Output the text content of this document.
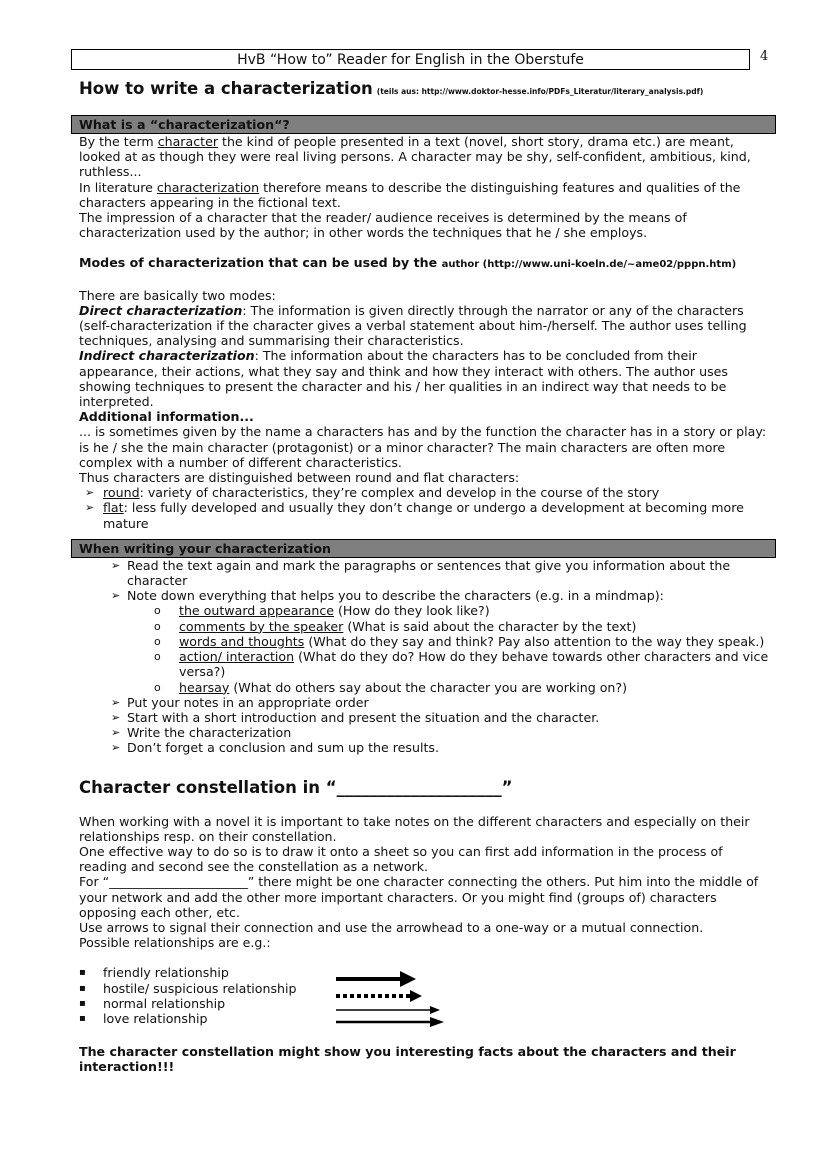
HvB “How to” Reader for English in the Oberstufe	4
How to write a characterization (teils aus: http://www.doktor-hesse.info/PDFs_Literatur/literary_analysis.pdf)
What is a “characterization“?

By the term character the kind of people presented in a text (novel, short story, drama etc.) are meant, looked at as though they were real living persons. A character may be shy, self-confident, ambitious, kind, ruthless...

In literature characterization therefore means to describe the distinguishing features and qualities of the characters appearing in the fictional text.

The impression of a character that the reader/ audience receives is determined by the means of characterization used by the author; in other words the techniques that he / she employs.

Modes of characterization that can be used by the author (http://www.uni-koeln.de/~ame02/pppn.htm)

There are basically two modes:

Direct characterization: The information is given directly through the narrator or any of the characters (self-characterization if the character gives a verbal statement about him-/herself. The author uses telling techniques, analysing and summarising their characteristics.

Indirect characterization: The information about the characters has to be concluded from their appearance, their actions, what they say and think and how they interact with others. The author uses showing techniques to present the character and his / her qualities in an indirect way that needs to be interpreted.

Additional information...

... is sometimes given by the name a characters has and by the function the character has in a story or play: is he / she the main character (protagonist) or a minor character? The main characters are often more complex with a number of different characteristics.

Thus characters are distinguished between round and flat characters:

➢ round: variety of characteristics, they’re complex and develop in the course of the story
➢ flat: less fully developed and usually they don’t change or undergo a development at becoming more mature
When writing your characterization
➢ Read the text again and mark the paragraphs or sentences that give you information about the character
➢ Note down everything that helps you to describe the characters (e.g. in a mindmap):
o the outward appearance (How do they look like?)
o comments by the speaker (What is said about the character by the text)
o words and thoughts (What do they say and think? Pay also attention to the way they speak.)
o action/ interaction (What do they do? How do they behave towards other characters and vice versa?)
o hearsay (What do others say about the character you are working on?)
➢ Put your notes in an appropriate order
➢ Start with a short introduction and present the situation and the character.
➢ Write the characterization
➢ Don’t forget a conclusion and sum up the results.
Character constellation in “____________________”

When working with a novel it is important to take notes on the different characters and especially on their relationships resp. on their constellation.

One effective way to do so is to draw it onto a sheet so you can first add information in the process of reading and second see the constellation as a network.

For “______________________” there might be one character connecting the others. Put him into the middle of your network and add the other more important characters. Or you might find (groups of) characters opposing each other, etc.

Use arrows to signal their connection and use the arrowhead to a one-way or a mutual connection.

Possible relationships are e.g.:

▪ friendly relationship
▪ hostile/ suspicious relationship
▪ normal relationship
▪ love relationship

The character constellation might show you interesting facts about the characters and their interaction!!!
